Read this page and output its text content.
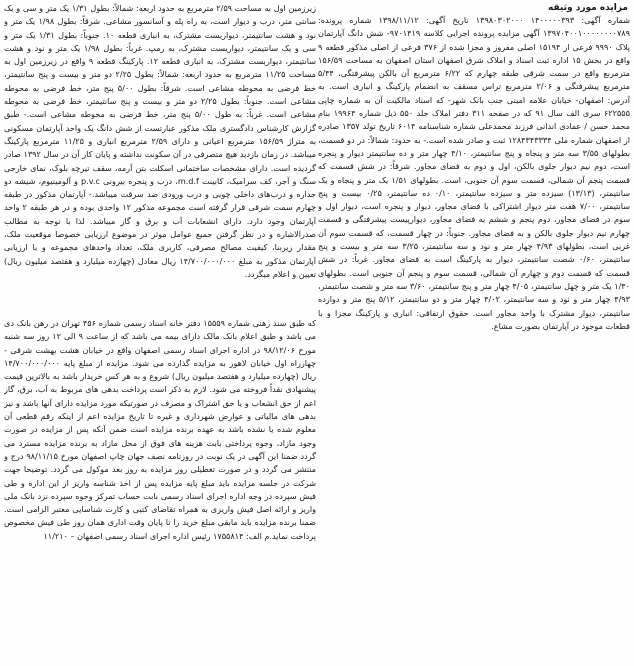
مزایده مورد وثیقه

شماره آگهی: ۱۴۰۰۰۰۰۳۹۳ ۱۳۹۸۰۳۰۲۰۰۰ تاریخ آگهی: ۱۳۹۸/۱۱/۱۲ شماره پرونده: ۱۳۹۷۰۴۰۰۱۰۰۰۰۰۰۰۰۷۸۹ آگهی مزایده پرونده اجرایی کلاسه ۹۷۰۱۴۱۹- شش دانگ آپارتمان پلاک ۹۹۹۰ فرعی از ۱۵۱۹۴ اصلی مفروز و مجزا شده از ۳۷۶ فرعی از اصلی مذکور قطعه ۹ واقع در بخش ۱۵ اداره ثبت اسناد و املاک شرق اصفهان استان اصفهان به مساحت ۱۵۶/۵۹ مترمربع واقع در سمت شرقی طبقه چهارم که ۶/۲۲ مترمربع آن بالکن پیشرفتگی، ۵/۴۴ مترمربع پیشرفتگی و ۲/۰۶ مترمربع تراس مسقف به انضمام پارکینگ و انباری است. به آدرس: اصفهان- خیابان علامه امینی جنب بانک شهر- که اسناد مالکیت آن به شماره چاپی ۶۲۲۵۵۵ سری الف سال ۹۱ که در صفحه ۳۱۱ دفتر املاک جلد ۵۵۰ ذیل شماره ۱۹۹۶۴ بنام محمد حسن / عمادی اندانی فرزند محمدعلی شماره شناسنامه ۶۰۱۴ تاریخ تولد ۱۳۵۷ صادره از اصفهان شماره ملی ۱۲۸۴۳۴۳۳۳۴ ثبت و صادر شده است.- به حدود: شمالاً: در دو قسمت، بطولهای ۳/۵۵ سه متر و پنجاه و پنج سانتیمتر، ۴/۱۰ چهار متر و ده سانتیمتر دیوار و پنجره است، دوم نیم دیوار جلوی بالکن، اول و دوم به فضای مجاور. شرقاً: در شش قسمت که قسمت پنجم آن شمالی، قسمت سوم آن جنوبی، است. بطولهای ۱/۵۱ یک متر و پنجاه و یک سانتیمتر، (۱۳/۱۳) سیزده متر و سیزده سانتیمتر، ۰/۱۰ ده سانتیمتر، ۰/۲۵ بیست و پنج سانتیمتر، ۷/۰۰ هفت متر دیوار اشتراکی با فضای مجاور، دیوار و پنجره است، دیوار اول و سوم در فضای مجاور، دوم پنجم و ششم به فضای مجاور، دیوارپیست پیشرفتگی و قسمت چهارم نیم دیوار جلوی بالکن و به فضای مجاور. جنوباً: در چهار قسمت، که قسمت سوم آن غربی است، بطولهای ۴/۹۳ چهار متر و نود و سه سانتیمتر، ۳/۲۵ سه متر و بیست و پنج سانتیمتر، ۰/۶۰ شصت سانتیمتر، دیوار به پارکینگ است به فضای مجاور. غرباً: در شش قسمت که قسمت دوم و چهارم آن شمالی، قسمت سوم و پنجم آن جنوبی است. بطولهای ۱/۴۰ یک متر و چهل سانتیمتر، ۴/۰۵ چهار متر و پنج سانتیمتر، ۳/۶۰ سه متر و شصت سانتیمتر، ۴/۹۳ چهار متر و نود و سه سانتیمتر، ۴/۰۲ چهار متر و دو سانتیمتر، ۵/۱۲ پنج متر و دوازده سانتیمتر، دیوار مشترک با واحد مجاور است. حقوق ارتفاقی: انباری و پارکینگ مجزا و با قطعات موجود در آپارتمان بصورت مشاع.

زیرزمین اول به مساحت ۲/۵۹ مترمربع به حدود اربعه: شمالاً: بطول ۱/۳۱ یک متر و سی و یک سانتی متر، درب و دیوار است، به راه پله و آسانسور مشاعی. شرقاً: بطول ۱/۹۸ یک متر و نود و هشت سانتیمتر، دیواریست مشترک، به انباری قطعه ۱۰. جنوباً: بطول ۱/۳۱ یک متر و سی و یک سانتیمتر، دیواریست مشترک، به رمپ. غرباً: بطول ۱/۹۸ یک متر و نود و هشت سانتیمتر، دیواریست مشترک، به انباری قطعه ۱۲. پارکینگ قطعه ۹ واقع در زیرزمین اول به مساحت ۱۱/۲۵ مترمربع به حدود اربعه: شمالاً: بطول ۲/۲۵ دو متر و بیست و پنج سانتیمتر، خط فرضی به محوطه مشاعی است. شرقاً: بطول ۵/۰۰ پنج متر، خط فرضی به محوطه مشاعی است. جنوباً: بطول ۲/۲۵ دو متر و بیست و پنج سانتیمتر، خط فرضی به محوطه مشاعی است. غرباً: به طول ۵/۰۰ پنج متر، خط فرضی به محوطه مشاعی است.- طبق گزارش کارشناس دادگستری ملک مذکور عبارتست از شش دانگ یک واحد آپارتمان مسکونی به متراژ ۱۵۶/۵۹ مترمربع اعیانی و دارای ۲/۵۹ مترمربع انباری و ۱۱/۲۵ مترمربع پارکینگ میباشد. در زمان بازدید هیچ متصرفی در آن سکونت نداشته و پایان کار آن در سال ۱۳۹۲ صادر گردیده است. دارای مشخصات ساختمانی اسکلت بتن آرمه، سقف تیرچه بلوک، نمای خارجی سنگ و آجر، کف سرامیک، کابینت m.d.f، درب و پنجره بیرونی p.v.c و آلومینیوم، شیشه دو جداره و درب‌های داخلی چوبی و درب ورودی ضد سرقت میباشد.- آپارتمان مذکور در طبقه چهارم سمت شرقی قرار گرفته است مجموعه مذکور ۱۲ واحدی بوده و در هر طبقه ۲ واحد آپارتمان وجود دارد. دارای انشعابات آب و برق و گاز میباشد. لذا با توجه به مطالب صدرالاشاره و در نظر گرفتن جمیع عوامل موثر در موضوع ارزیابی خصوصا موقعیت ملک، مقدار زیربنا، کیفیت مصالح مصرفی، کاربری ملک، تعداد واحدهای مجموعه و با ارزیابی آپارتمان مذکور به مبلغ ۱۴/۷۰۰/۰۰۰/۰۰۰ ریال معادل (چهارده میلیارد و هفتصد میلیون ریال) تعیین و اعلام میگردد.

که طبق سند رهنی شماره ۱۵۵۵۹ دفتر خانه اسناد رسمی شماره ۴۵۶ تهران در رهن بانک دی می باشد و طبق اعلام بانک مالک دارای بیمه می باشد که از ساعت ۹ الی ۱۲ روز سه شنبه مورخ ۹۸/۱۲/۰۶ در اداره اجرای اسناد رسمی اصفهان واقع در خیابان هشت بهشت شرقی - چهارراه اول خیابان لاهور به مزایده گذارده می شود. مزایده از مبلغ پایه ۱۴/۷۰۰/۰۰۰/۰۰۰ ریال (چهارده میلیارد و هفتصد میلیون ریال) شروع و به هر کس خریدار باشد به بالاترین قیمت پیشنهادی نقداً فروخته می شود. لازم به ذکر است پرداخت بدهی های مربوط به آب، برق، گاز اعم از حق انشعاب و یا حق اشتراک و مصرف در صورتیکه مورد مزایده دارای آنها باشد و نیز بدهی های مالیاتی و عوارض شهرداری و غیره تا تاریخ مزایده اعم از اینکه رقم قطعی آن معلوم شده یا نشده باشد به عهده برنده مزایده است ضمن آنکه پس از مزایده در صورت وجود مازاد، وجوه پرداختی بابت هزینه های فوق از محل مازاد به برنده مزایده مسترد می گردد ضمنا این آگهی در یک نوبت در روزنامه نصف جهان چاپ اصفهان مورخ ۹۸/۱۱/۱۵ درج و منتشر می گردد و در صورت تعطیلی روز مزایده به روز بعد موکول می گردد. توضیحا جهت شرکت در جلسه مزایده باید مبلغ پایه مزایده پس از اخذ شناسه واریز از این اداره و طی فیش سپرده در وجه اداره اجرای اسناد رسمی بابت حساب تمرکز وجوه سپرده نزد بانک ملی واریز و ارائه اصل فیش واریزی به همراه تقاضای کتبی و کارت شناسایی معتبر الزامی است. ضمنا برنده مزایده باید مابقی مبلغ خرید را تا پایان وقت اداری همان روز طی فیش مخصوص پرداخت نماید.م الف: ۱۷۵۵۸۱۴ رئیس اداره اجرای اسناد رسمی اصفهان – ۱۱/۲۱۰
